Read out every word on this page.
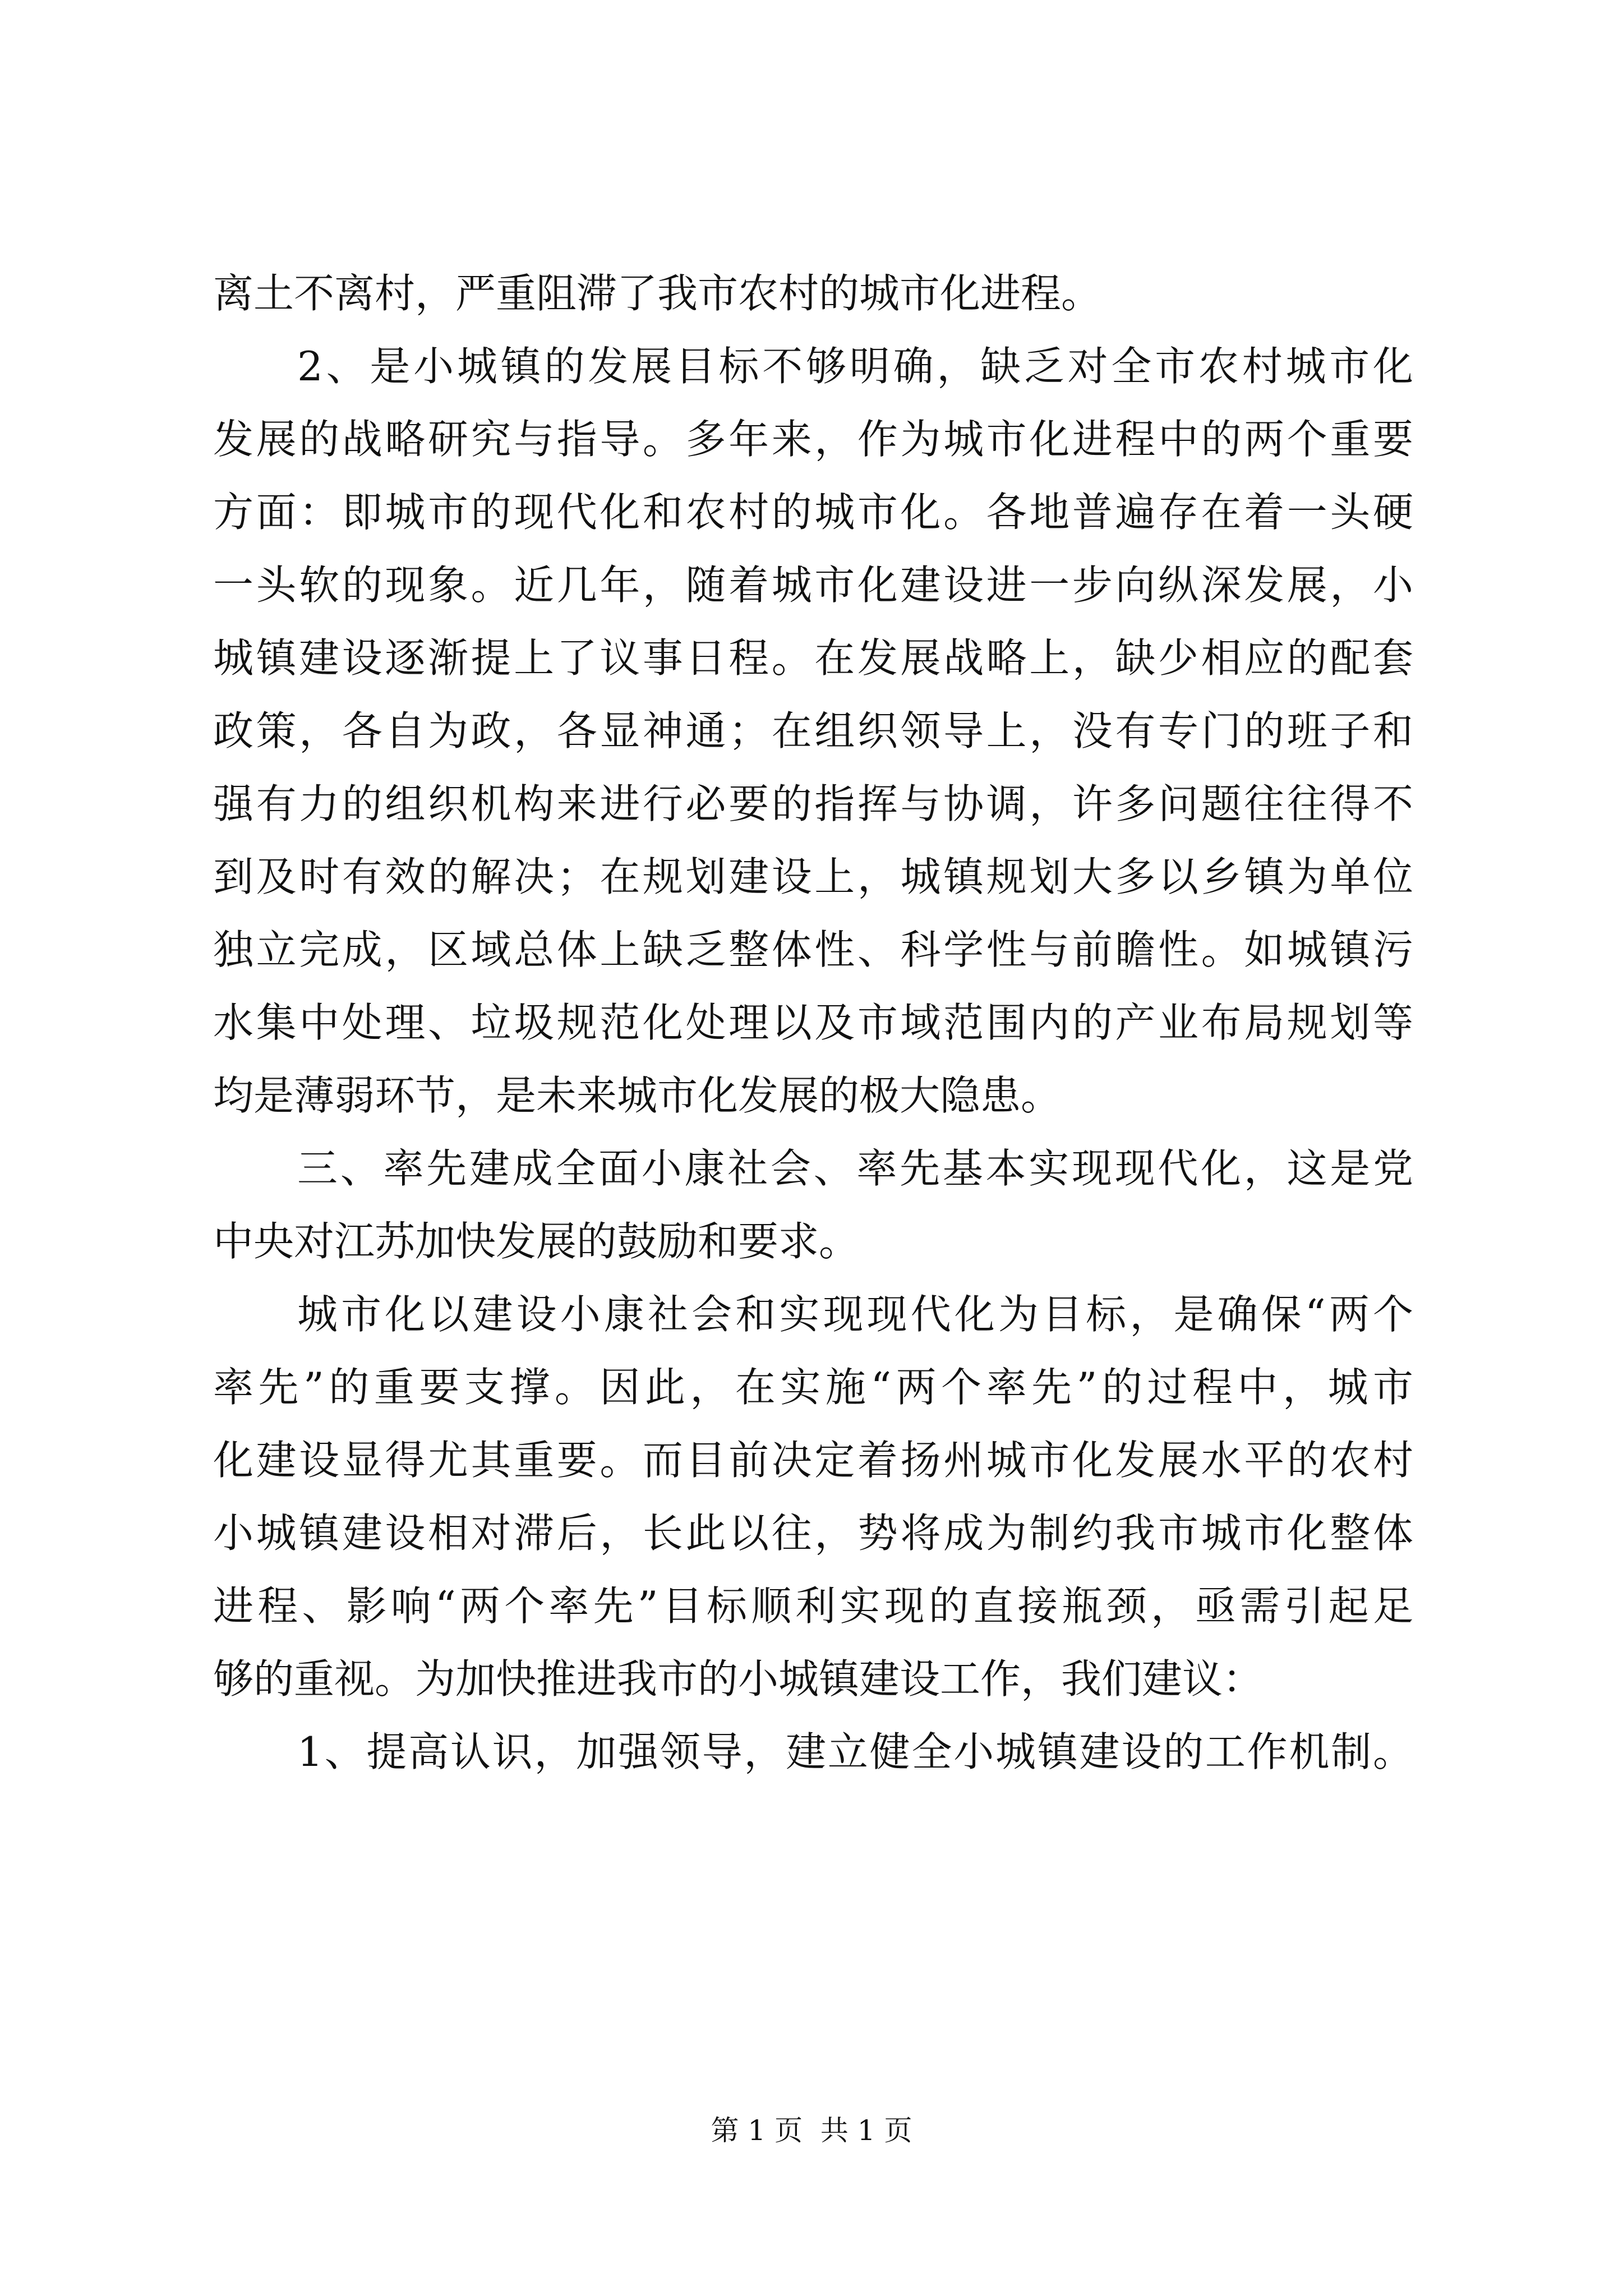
离土不离村，严重阻滞了我市农村的城市化进程。
2、是小城镇的发展目标不够明确，缺乏对全市农村城市化
发展的战略研究与指导。多年来，作为城市化进程中的两个重要
方面：即城市的现代化和农村的城市化。各地普遍存在着一头硬
一头软的现象。近几年，随着城市化建设进一步向纵深发展，小
城镇建设逐渐提上了议事日程。在发展战略上，缺少相应的配套
政策，各自为政，各显神通；在组织领导上，没有专门的班子和
强有力的组织机构来进行必要的指挥与协调，许多问题往往得不
到及时有效的解决；在规划建设上，城镇规划大多以乡镇为单位
独立完成，区域总体上缺乏整体性、科学性与前瞻性。如城镇污
水集中处理、垃圾规范化处理以及市域范围内的产业布局规划等
均是薄弱环节，是未来城市化发展的极大隐患。
三、率先建成全面小康社会、率先基本实现现代化，这是党
中央对江苏加快发展的鼓励和要求。
城市化以建设小康社会和实现现代化为目标，是确保“两个
率先”的重要支撑。因此，在实施“两个率先”的过程中，城市
化建设显得尤其重要。而目前决定着扬州城市化发展水平的农村
小城镇建设相对滞后，长此以往，势将成为制约我市城市化整体
进程、影响“两个率先”目标顺利实现的直接瓶颈，亟需引起足
够的重视。为加快推进我市的小城镇建设工作，我们建议：
1、提高认识，加强领导，建立健全小城镇建设的工作机制。
第 1 页  共 1 页
